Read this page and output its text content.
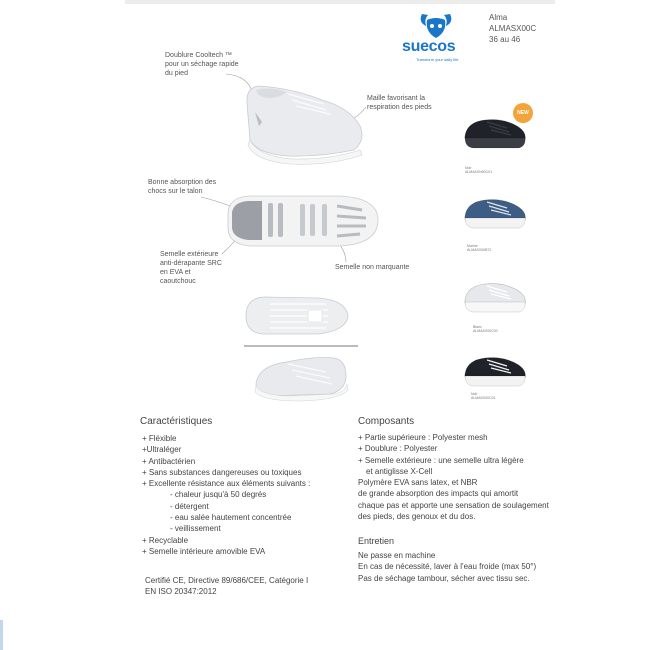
suecos
Transform your daily life
Alma
ALMASX00C
36 au 46
Doublure Cooltech ™ pour un séchage rapide du pied
Maille favorisant la respiration des pieds
Bonne absorption des chocs sur le talon
Semelle extérieure anti-dérapante SRC en EVA et caoutchouc
Semelle non marquante
NEW
Noir
ALMASXN00C01
Marine
ALMASX00B72
Blanc
ALMASX00C00
Noir
ALMASX00C01
Caractéristiques
+ Fléxible
+Ultraléger
+ Antibactérien
+ Sans substances dangereuses ou toxiques
+ Excellente résistance aux éléments suivants :
- chaleur jusqu'à 50 degrés
- détergent
- eau salée hautement concentrée
- veillissement
+ Recyclable
+ Semelle intérieure amovible EVA
Certifié CE, Directive 89/686/CEE, Catégorie I
EN ISO 20347:2012
Composants
+ Partie supérieure : Polyester mesh
+ Doublure : Polyester
+ Semelle extérieure : une semelle ultra légère
et antiglisse X-Cell
Polymère EVA sans latex, et NBR
de grande absorption des impacts qui amortit
chaque pas et apporte une sensation de soulagement
des pieds, des genoux et du dos.
Entretien
Ne passe en machine
En cas de nécessité, laver à l'eau froide (max 50°)
Pas de séchage tambour, sécher avec tissu sec.
